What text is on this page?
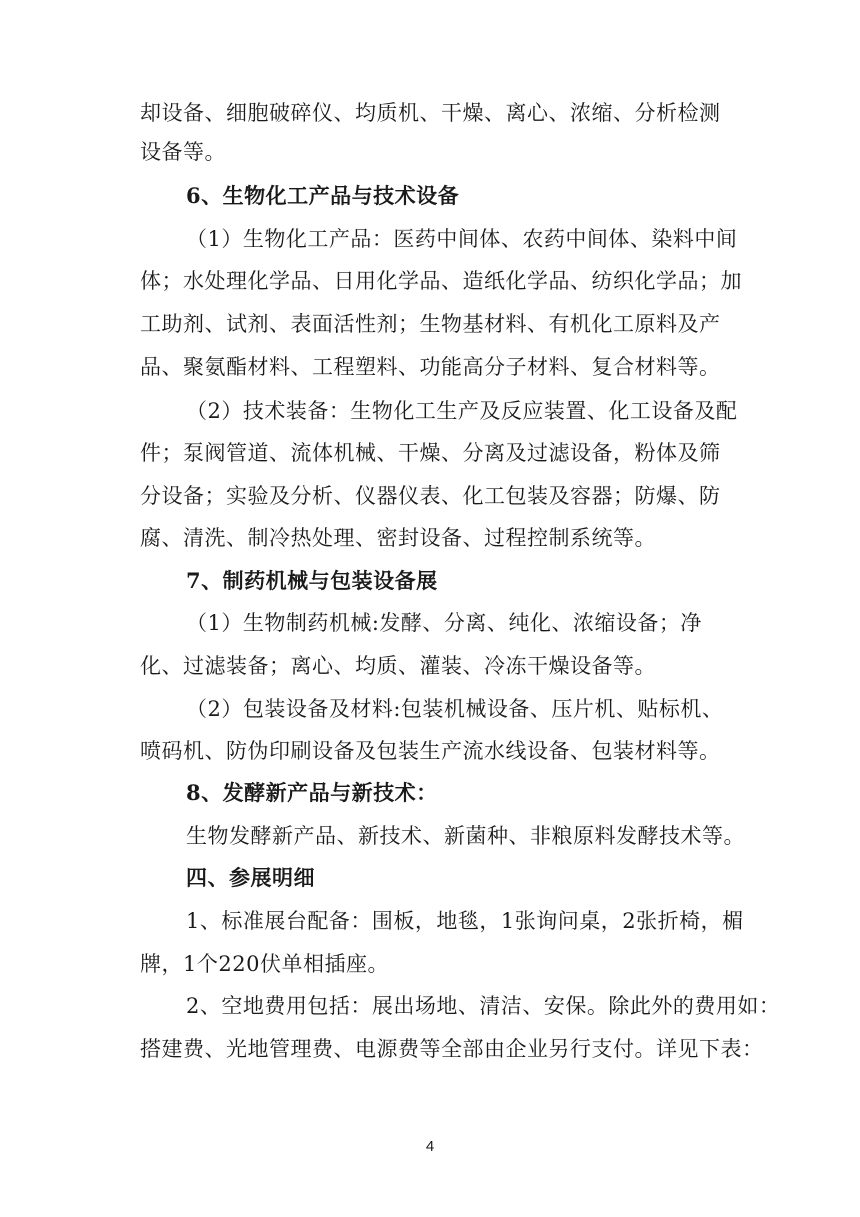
却设备、细胞破碎仪、均质机、干燥、离心、浓缩、分析检测
设备等。
6、生物化工产品与技术设备
（1）生物化工产品：医药中间体、农药中间体、染料中间
体；水处理化学品、日用化学品、造纸化学品、纺织化学品；加
工助剂、试剂、表面活性剂；生物基材料、有机化工原料及产
品、聚氨酯材料、工程塑料、功能高分子材料、复合材料等。
（2）技术装备：生物化工生产及反应装置、化工设备及配
件；泵阀管道、流体机械、干燥、分离及过滤设备，粉体及筛
分设备；实验及分析、仪器仪表、化工包装及容器；防爆、防
腐、清洗、制冷热处理、密封设备、过程控制系统等。
7、制药机械与包装设备展
（1）生物制药机械:发酵、分离、纯化、浓缩设备；净
化、过滤装备；离心、均质、灌装、冷冻干燥设备等。
（2）包装设备及材料:包装机械设备、压片机、贴标机、
喷码机、防伪印刷设备及包装生产流水线设备、包装材料等。
8、发酵新产品与新技术：
生物发酵新产品、新技术、新菌种、非粮原料发酵技术等。
四、参展明细
1、标准展台配备：围板，地毯，1张询问桌，2张折椅，楣
牌，1个220伏单相插座。
2、空地费用包括：展出场地、清洁、安保。除此外的费用如：
搭建费、光地管理费、电源费等全部由企业另行支付。详见下表：
4
